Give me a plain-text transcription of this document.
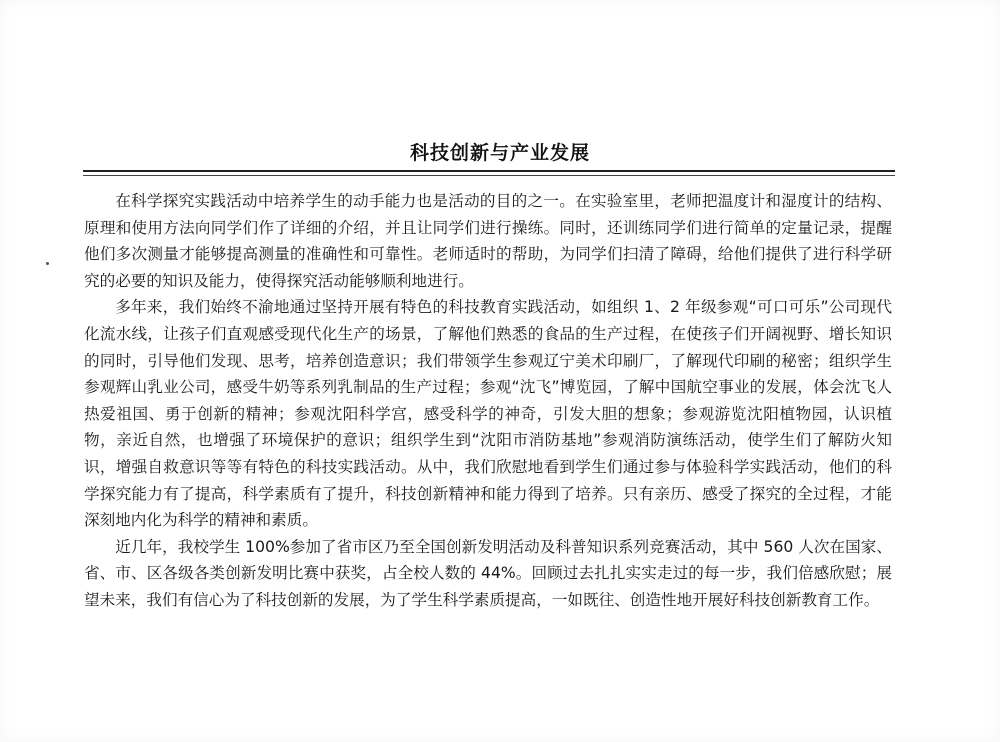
科技创新与产业发展

在科学探究实践活动中培养学生的动手能力也是活动的目的之一。在实验室里，老师把温度计和湿度计的结构、原理和使用方法向同学们作了详细的介绍，并且让同学们进行操练。同时，还训练同学们进行简单的定量记录，提醒他们多次测量才能够提高测量的准确性和可靠性。老师适时的帮助，为同学们扫清了障碍，给他们提供了进行科学研究的必要的知识及能力，使得探究活动能够顺利地进行。

多年来，我们始终不渝地通过坚持开展有特色的科技教育实践活动，如组织 1、2 年级参观“可口可乐”公司现代化流水线，让孩子们直观感受现代化生产的场景，了解他们熟悉的食品的生产过程，在使孩子们开阔视野、增长知识的同时，引导他们发现、思考，培养创造意识；我们带领学生参观辽宁美术印刷厂，了解现代印刷的秘密；组织学生参观辉山乳业公司，感受牛奶等系列乳制品的生产过程；参观“沈飞”博览园，了解中国航空事业的发展，体会沈飞人热爱祖国、勇于创新的精神；参观沈阳科学宫，感受科学的神奇，引发大胆的想象；参观游览沈阳植物园，认识植物，亲近自然，也增强了环境保护的意识；组织学生到“沈阳市消防基地”参观消防演练活动，使学生们了解防火知识，增强自救意识等等有特色的科技实践活动。从中，我们欣慰地看到学生们通过参与体验科学实践活动，他们的科学探究能力有了提高，科学素质有了提升，科技创新精神和能力得到了培养。只有亲历、感受了探究的全过程，才能深刻地内化为科学的精神和素质。

近几年，我校学生 100%参加了省市区乃至全国创新发明活动及科普知识系列竞赛活动，其中 560 人次在国家、省、市、区各级各类创新发明比赛中获奖，占全校人数的 44%。回顾过去扎扎实实走过的每一步，我们倍感欣慰；展望未来，我们有信心为了科技创新的发展，为了学生科学素质提高，一如既往、创造性地开展好科技创新教育工作。
